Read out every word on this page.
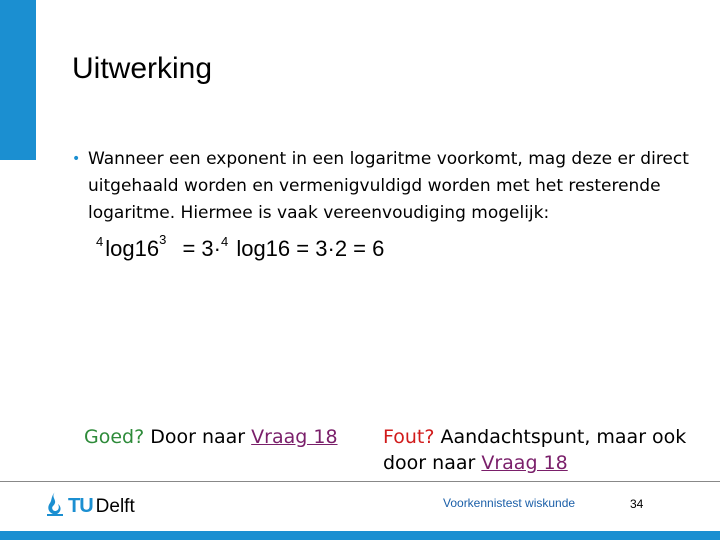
Uitwerking
• Wanneer een exponent in een logaritme voorkomt, mag deze er direct uitgehaald worden en vermenigvuldigd worden met het resterende logaritme. Hiermee is vaak vereenvoudiging mogelijk:
$^4\log 16^3 = 3\cdot^4$ log16 = 3·2 = 6
Goed? Door naar Vraag 18 Fout? Aandachtspunt, maar ook door naar Vraag 18
TU Delft	Voorkennistest wiskunde	34
